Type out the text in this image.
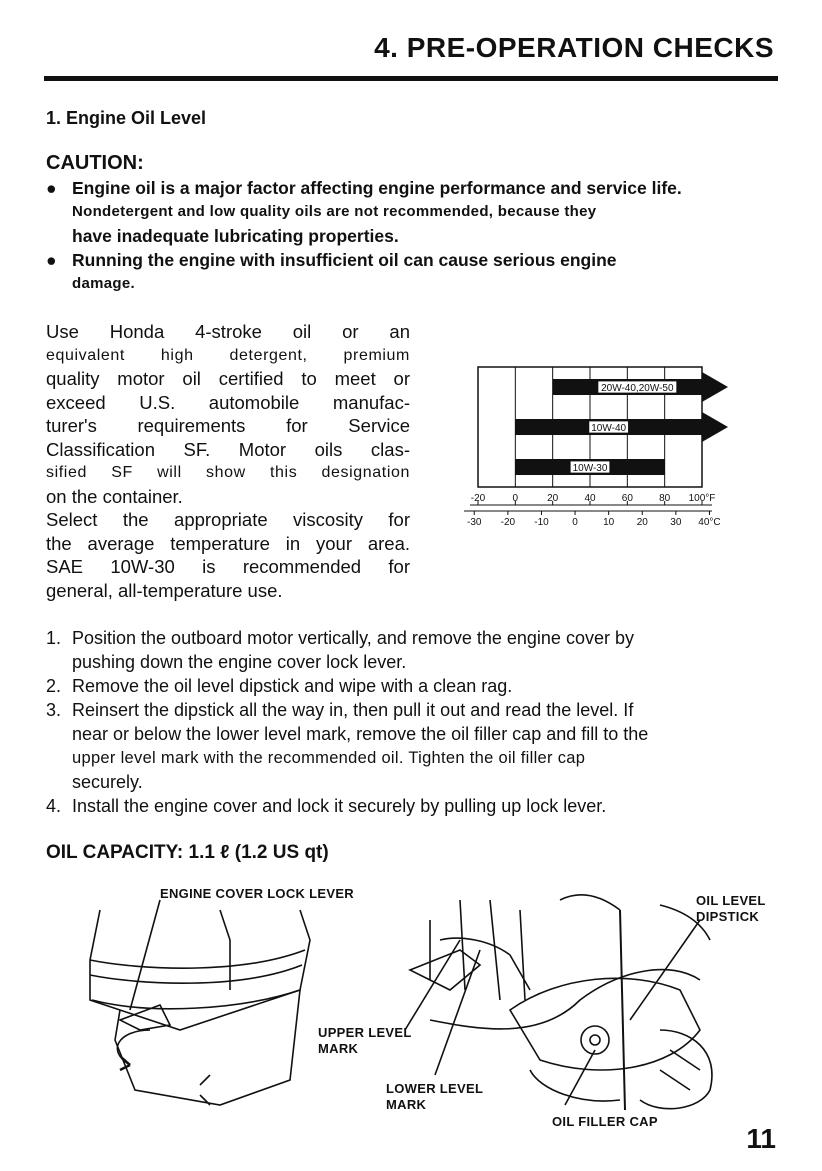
4. PRE-OPERATION CHECKS
1. Engine Oil Level
CAUTION:
● Engine oil is a major factor affecting engine performance and service life.
Nondetergent and low quality oils are not recommended, because they
have inadequate lubricating properties.
● Running the engine with insufficient oil can cause serious engine
damage.

Use Honda 4-stroke oil or an

equivalent high detergent, premium

quality motor oil certified to meet or

exceed U.S. automobile manufac-

turer's requirements for Service

Classification SF. Motor oils clas-

sified SF will show this designation

on the container.

Select the appropriate viscosity for

the average temperature in your area.

SAE 10W-30 is recommended for

general, all-temperature use.

20W-40,20W-50
10W-40
10W-30
-20	0	20	40	60	80 100°F
-30 -20 -10 0	10 20 30 40°C
1. Position the outboard motor vertically, and remove the engine cover by
pushing down the engine cover lock lever.
2. Remove the oil level dipstick and wipe with a clean rag.
3. Reinsert the dipstick all the way in, then pull it out and read the level. If
near or below the lower level mark, remove the oil filler cap and fill to the
upper level mark with the recommended oil. Tighten the oil filler cap
securely.
4. Install the engine cover and lock it securely by pulling up lock lever.
OIL CAPACITY: 1.1 ℓ (1.2 US qt)
ENGINE COVER LOCK LEVER	OIL LEVEL
DIPSTICK
UPPER LEVEL
MARK
LOWER LEVEL
MARK
OIL FILLER CAP
11
